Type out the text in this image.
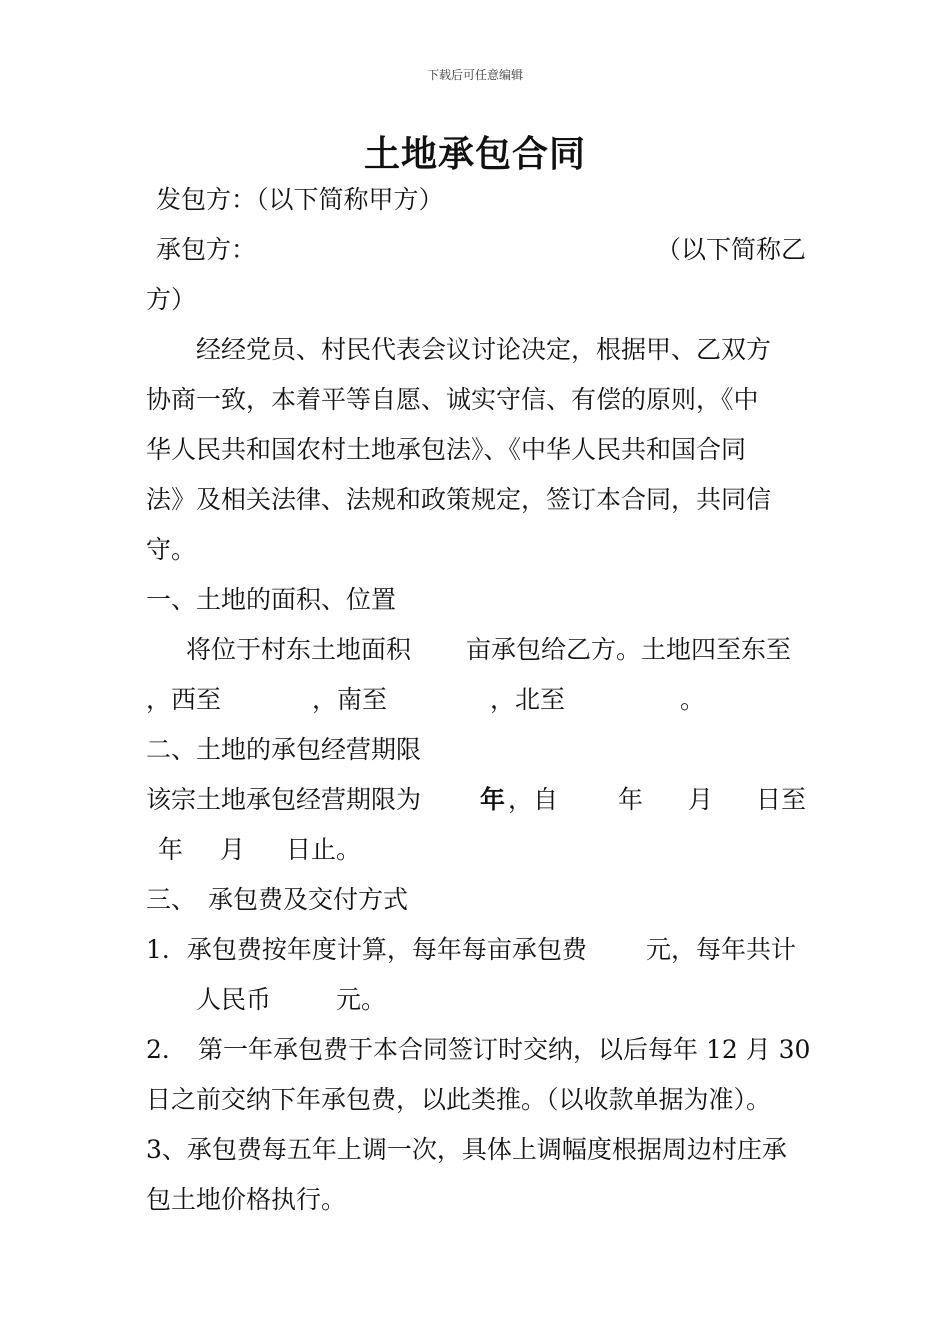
下载后可任意编辑
土地承包合同
发包方：（以下简称甲方）
承包方：	（以下简称乙
方）
经经党员、村民代表会议讨论决定，根据甲、乙双方
协商一致，本着平等自愿、诚实守信、有偿的原则，《中
华人民共和国农村土地承包法》、《中华人民共和国合同
法》及相关法律、法规和政策规定，签订本合同，共同信
守。
一、土地的面积、位置
将位于村东土地面积 亩承包给乙方。土地四至东至
，西至	，南至	，北至	。
二、土地的承包经营期限
该宗土地承包经营期限为 年 ，自 年 月 日至
年 月 日止。
三、 承包费及交付方式
1．承包费按年度计算，每年每亩承包费 元，每年共计
人民币	元。
2． 第一年承包费于本合同签订时交纳，以后每年 12 月 30
日之前交纳下年承包费，以此类推。（以收款单据为准）。
3、承包费每五年上调一次，具体上调幅度根据周边村庄承
包土地价格执行。
